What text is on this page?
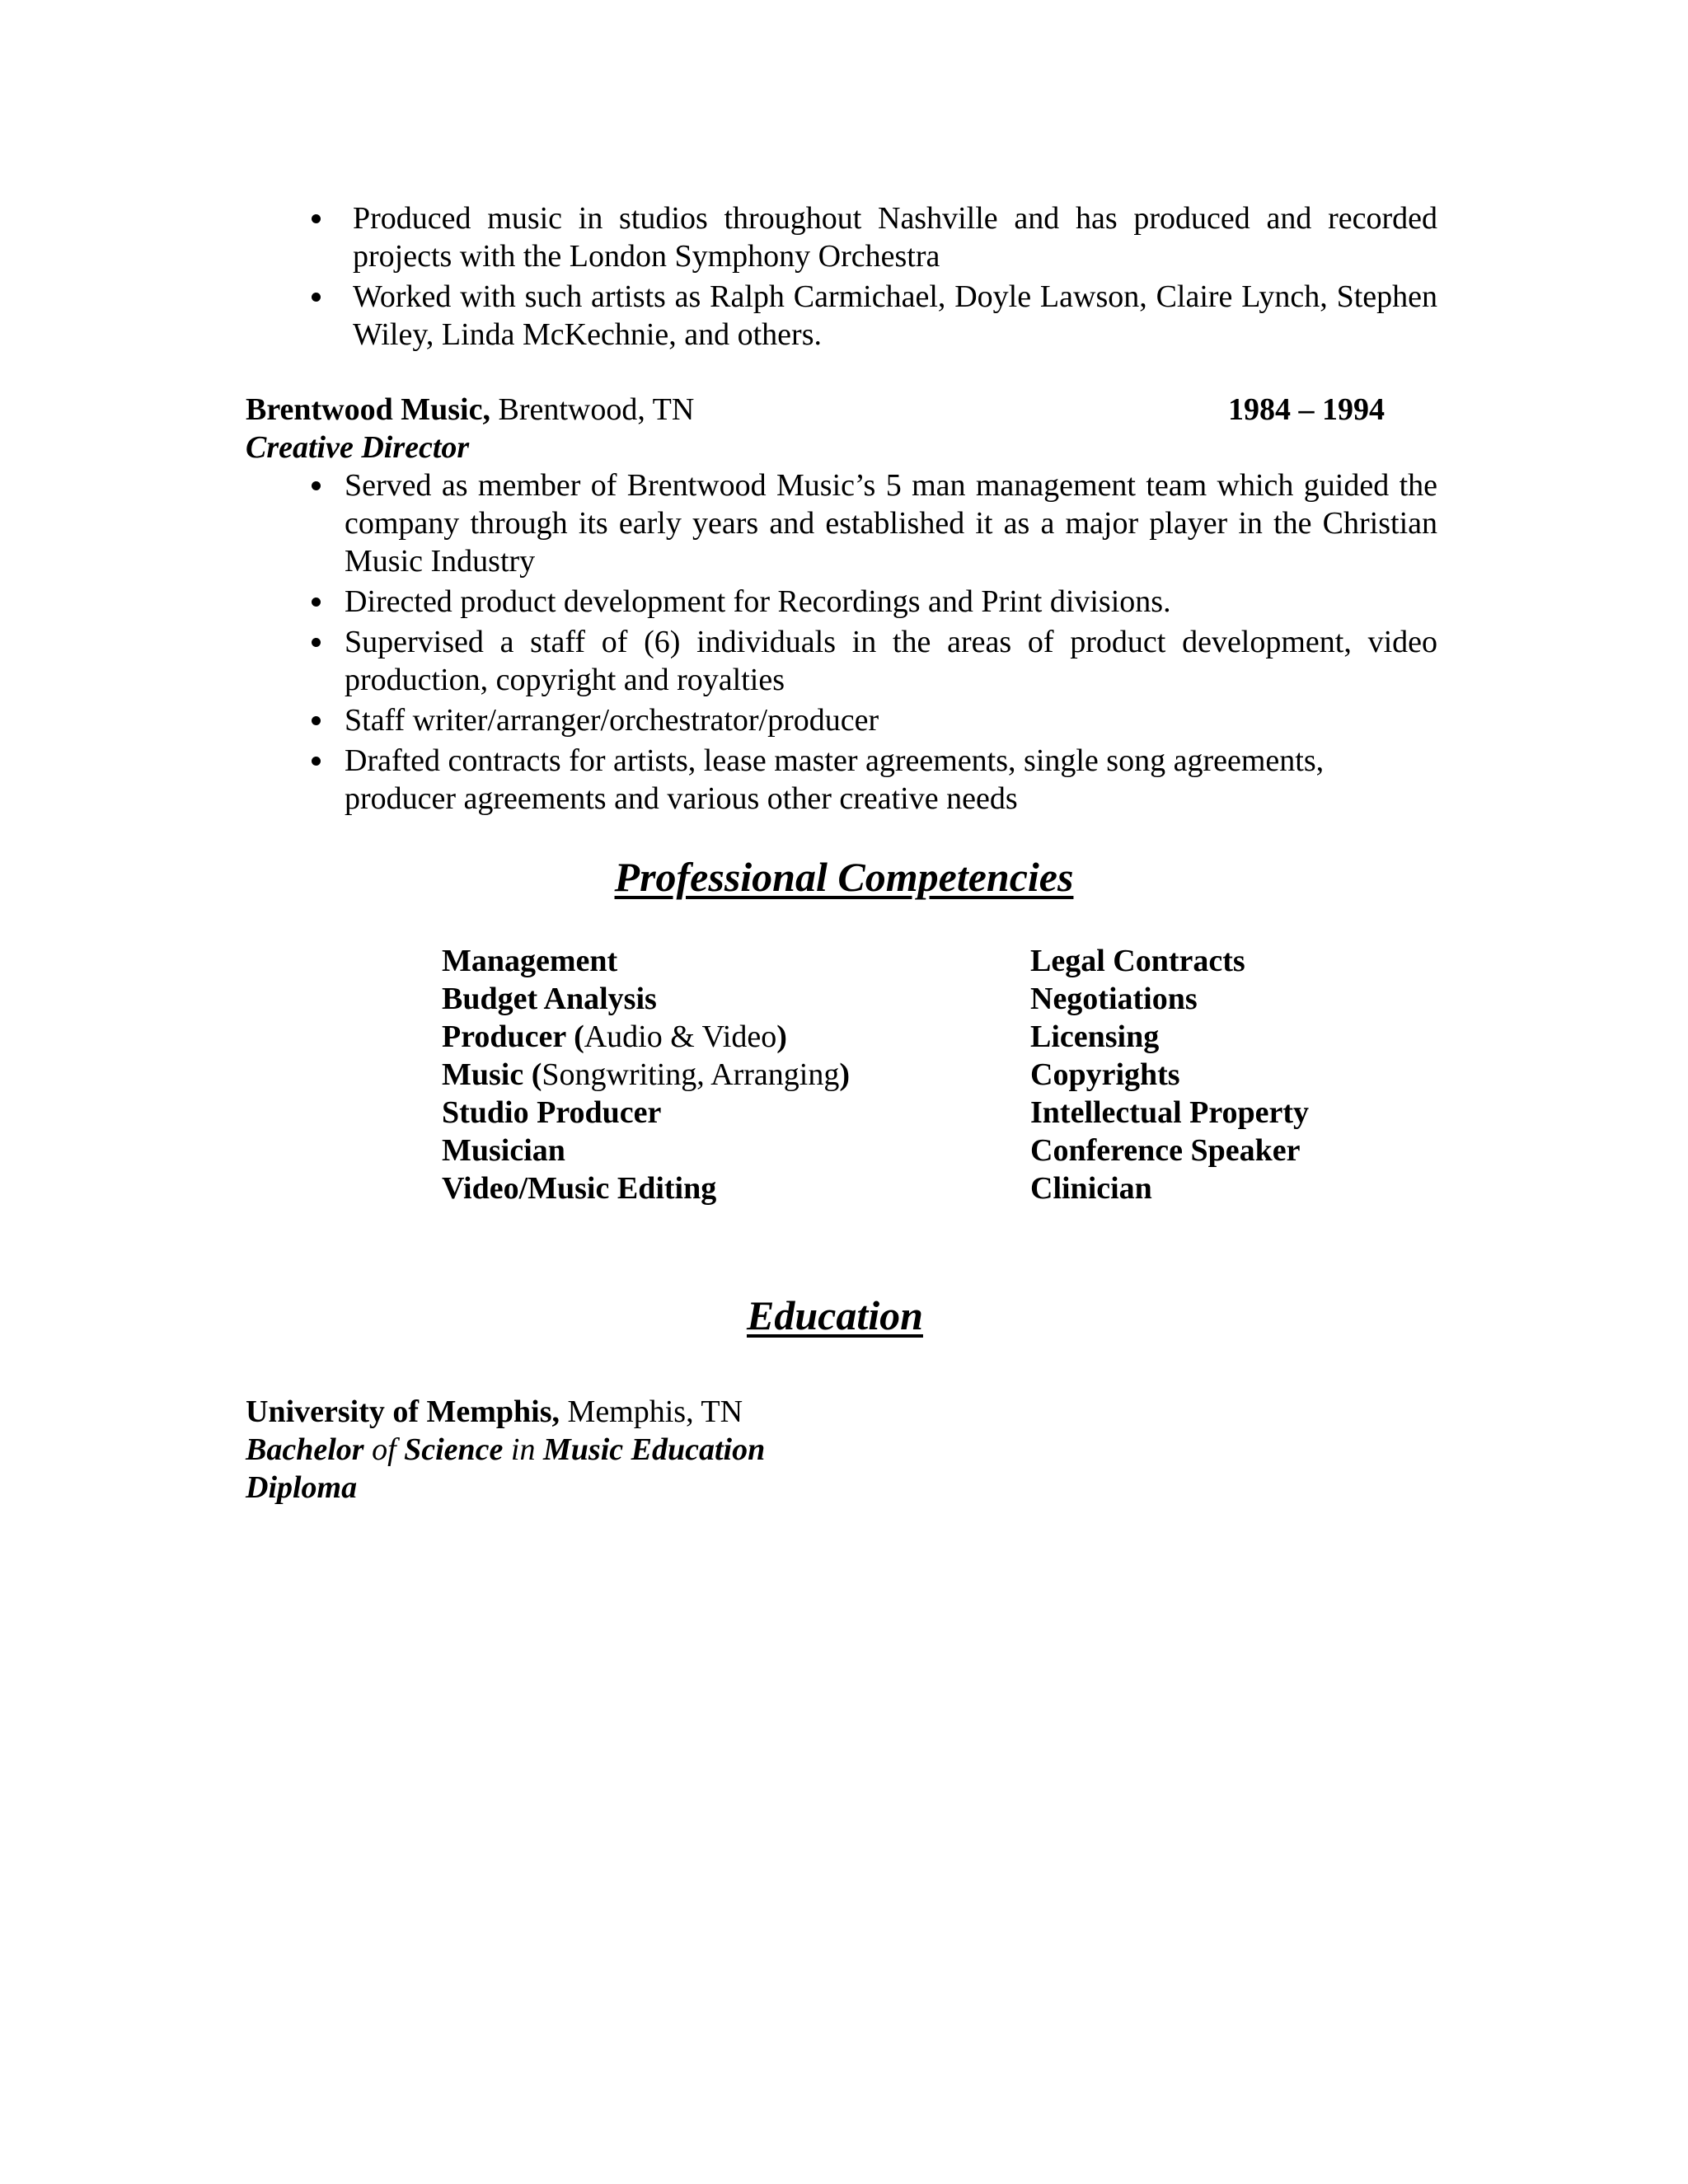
Produced music in studios throughout Nashville and has produced and recorded projects with the London Symphony Orchestra
Worked with such artists as Ralph Carmichael, Doyle Lawson, Claire Lynch, Stephen Wiley, Linda McKechnie, and others.
Brentwood Music, Brentwood, TN	1984 – 1994
Creative Director
Served as member of Brentwood Music’s 5 man management team which guided the company through its early years and established it as a major player in the Christian Music Industry
Directed product development for Recordings and Print divisions.
Supervised a staff of (6) individuals in the areas of product development, video production, copyright and royalties
Staff writer/arranger/orchestrator/producer
Drafted contracts for artists, lease master agreements, single song agreements, producer agreements and various other creative needs
Professional Competencies
Management
Budget Analysis
Producer (Audio & Video)
Music (Songwriting, Arranging)
Studio Producer
Musician
Video/Music Editing
Legal Contracts
Negotiations
Licensing
Copyrights
Intellectual Property
Conference Speaker
Clinician
Education
University of Memphis, Memphis, TN
Bachelor of Science in Music Education
Diploma
